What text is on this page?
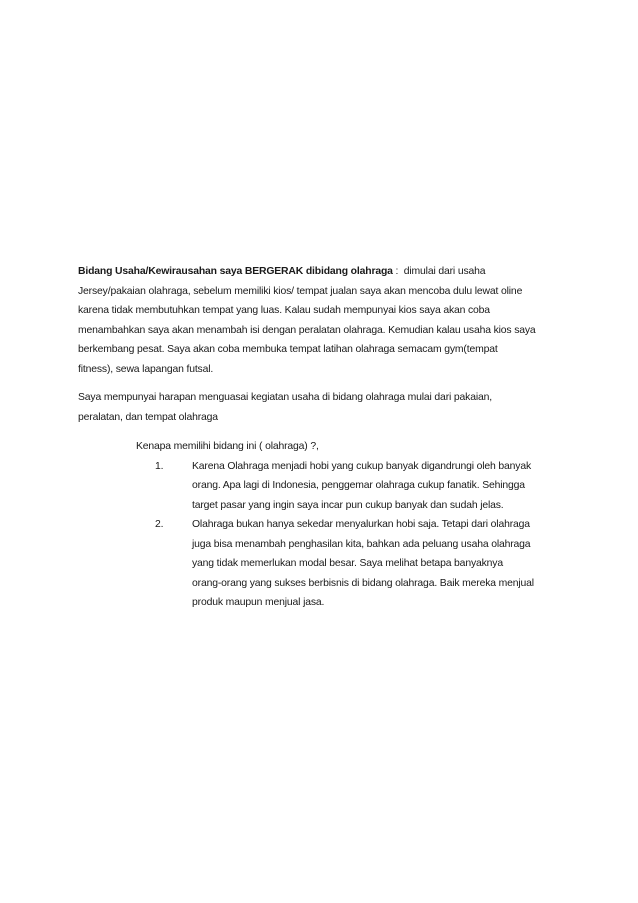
Bidang Usaha/Kewirausahan saya BERGERAK dibidang olahraga :  dimulai dari usaha
Jersey/pakaian olahraga, sebelum memiliki kios/ tempat jualan saya akan mencoba dulu lewat oline
karena tidak membutuhkan tempat yang luas. Kalau sudah mempunyai kios saya akan coba
menambahkan saya akan menambah isi dengan peralatan olahraga. Kemudian kalau usaha kios saya
berkembang pesat. Saya akan coba membuka tempat latihan olahraga semacam gym(tempat
fitness), sewa lapangan futsal.

Saya mempunyai harapan menguasai kegiatan usaha di bidang olahraga mulai dari pakaian,
peralatan, dan tempat olahraga

Kenapa memilihi bidang ini ( olahraga) ?,
1.	Karena Olahraga menjadi hobi yang cukup banyak digandrungi oleh banyak
orang. Apa lagi di Indonesia, penggemar olahraga cukup fanatik. Sehingga
target pasar yang ingin saya incar pun cukup banyak dan sudah jelas.
2.	Olahraga bukan hanya sekedar menyalurkan hobi saja. Tetapi dari olahraga
juga bisa menambah penghasilan kita, bahkan ada peluang usaha olahraga
yang tidak memerlukan modal besar. Saya melihat betapa banyaknya
orang-orang yang sukses berbisnis di bidang olahraga. Baik mereka menjual
produk maupun menjual jasa.
